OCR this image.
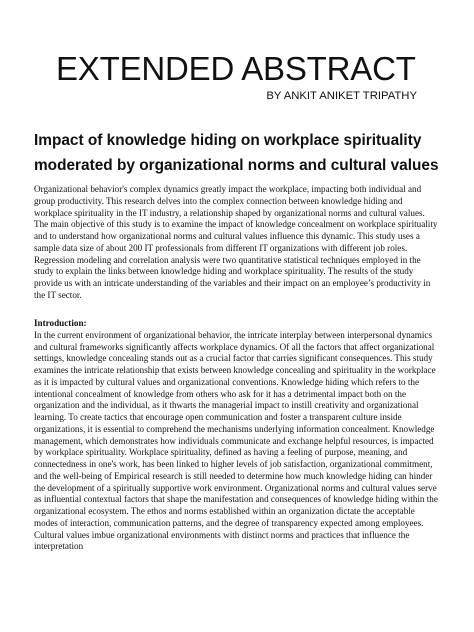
EXTENDED ABSTRACT
BY ANKIT ANIKET TRIPATHY
Impact of knowledge hiding on workplace spirituality moderated by organizational norms and cultural values

Organizational behavior's complex dynamics greatly impact the workplace, impacting both individual and group productivity. This research delves into the complex connection between knowledge hiding and workplace spirituality in the IT industry, a relationship shaped by organizational norms and cultural values. The main objective of this study is to examine the impact of knowledge concealment on workplace spirituality and to understand how organizational norms and cultural values influence this dynamic. This study uses a sample data size of about 200 IT professionals from different IT organizations with different job roles. Regression modeling and correlation analysis were two quantitative statistical techniques employed in the study to explain the links between knowledge hiding and workplace spirituality. The results of the study provide us with an intricate understanding of the variables and their impact on an employee’s productivity in the IT sector.

Introduction:

In the current environment of organizational behavior, the intricate interplay between interpersonal dynamics and cultural frameworks significantly affects workplace dynamics. Of all the factors that affect organizational settings, knowledge concealing stands out as a crucial factor that carries significant consequences. This study examines the intricate relationship that exists between knowledge concealing and spirituality in the workplace as it is impacted by cultural values and organizational conventions. Knowledge hiding which refers to the intentional concealment of knowledge from others who ask for it has a detrimental impact both on the organization and the individual, as it thwarts the managerial impact to instill creativity and organizational learning. To create tactics that encourage open communication and foster a transparent culture inside organizations, it is essential to comprehend the mechanisms underlying information concealment. Knowledge management, which demonstrates how individuals communicate and exchange helpful resources, is impacted by workplace spirituality. Workplace spirituality, defined as having a feeling of purpose, meaning, and connectedness in one's work, has been linked to higher levels of job satisfaction, organizational commitment, and the well-being of Empirical research is still needed to determine how much knowledge hiding can hinder the development of a spiritually supportive work environment. Organizational norms and cultural values serve as influential contextual factors that shape the manifestation and consequences of knowledge hiding within the organizational ecosystem. The ethos and norms established within an organization dictate the acceptable modes of interaction, communication patterns, and the degree of transparency expected among employees. Cultural values imbue organizational environments with distinct norms and practices that influence the interpretation
